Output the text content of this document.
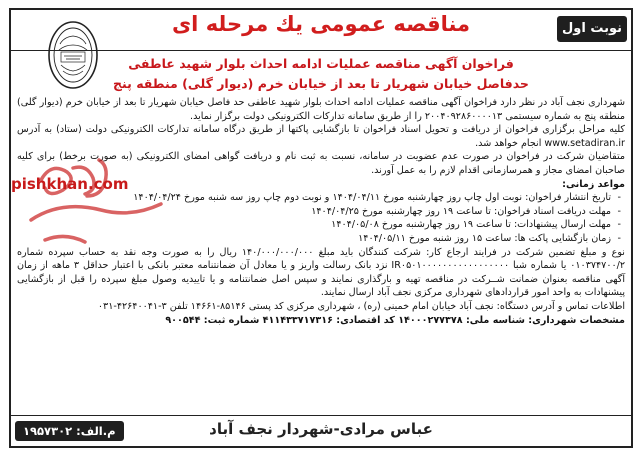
نوبت اول
مناقصه عمومی یك مرحله ای
فراخوان آگهی مناقصه عملیات ادامه احداث بلوار شهید عاطفی
حدفاصل خیابان شهریار تا بعد از خیابان خرم (دیوار گلی) منطقه پنج

شهرداری نجف آباد در نظر دارد فراخوان آگهی مناقصه عملیات ادامه احداث بلوار شهید عاطفی حد فاصل خیابان شهریار تا بعد از خیابان خرم (دیوار گلی) منطقه پنج به شماره سیستمی ۲۰۰۴۰۹۲۸۶۰۰۰۰۱۳ را از طریق سامانه تدارکات الکترونیکی دولت برگزار نماید.

کلیه مراحل برگزاری فراخوان از دریافت و تحویل اسناد فراخوان تا بازگشایی پاکتها از طریق درگاه سامانه تدارکات الکترونیکی دولت (ستاد) به آدرس www.setadiran.ir انجام خواهد شد.

متقاضیان شرکت در فراخوان در صورت عدم عضویت در سامانه، نسبت به ثبت نام و دریافت گواهی امضای الکترونیکی (به صورت برخط) برای کلیه صاحبان امضای مجاز و همرسازمانی اقدام لازم را به عمل آورند.

مواعد زمانی:

- تاریخ انتشار فراخوان: نوبت اول چاپ روز چهارشنبه مورخ ۱۴۰۴/۰۴/۱۱ و نوبت دوم چاپ روز سه شنبه مورخ ۱۴۰۴/۰۴/۲۴
- مهلت دریافت اسناد فراخوان: تا ساعت ۱۹ روز چهارشنبه مورخ ۱۴۰۴/۰۴/۲۵
- مهلت ارسال پیشنهادات: تا ساعت ۱۹ روز چهارشنبه مورخ ۱۴۰۴/۰۵/۰۸
- زمان بازگشایی پاکت ها: ساعت ۱۵ روز شنبه مورخ ۱۴۰۴/۰۵/۱۱

نوع و مبلغ تضمین شرکت در فرایند ارجاع کار: شرکت کنندگان باید مبلغ ۱۴۰/۰۰۰/۰۰۰/۰۰۰ ریال را به صورت وجه نقد به حساب سپرده شماره ۰۱۰۳۷۴۷۰۰/۲ یا شماره شبا IR۰۵۰۱۰۰۰۰۰۰۰۰۰۰۰۰۰۰۰۰۰ نزد بانک رسالت واریز و یا معادل آن ضمانتنامه معتبر بانکی با اعتبار حداقل ۳ ماهه از زمان آگهی مناقصه بعنوان ضمانت شــرکت در مناقصه تهیه و بارگذاری نمایند و سپس اصل ضمانتنامه و یا تاییدیه وصول مبلغ سپرده را قبل از بازگشایی پیشنهادات به واحد امور قراردادهای شهرداری مرکزی نجف آباد ارسال نمایند.

اطلاعات تماس و آدرس دستگاه: نجف آباد خیابان امام خمینی (ره) ، شهرداری مرکزی کد پستی ۸۵۱۴۶-۱۴۶۶۱ تلفن ۳-۴۲۶۴۰۰۴۱-۰۳۱

مشخصات شهرداری: شناسه ملی: ۱۴۰۰۰۲۷۷۳۷۸ کد اقتصادی: ۴۱۱۴۳۳۷۱۷۳۱۶ شماره ثبت: ۹۰۰۵۴۴

عباس مرادی-شهردار نجف آباد
م.الف: ۱۹۵۷۳۰۲
pishkhan.com
